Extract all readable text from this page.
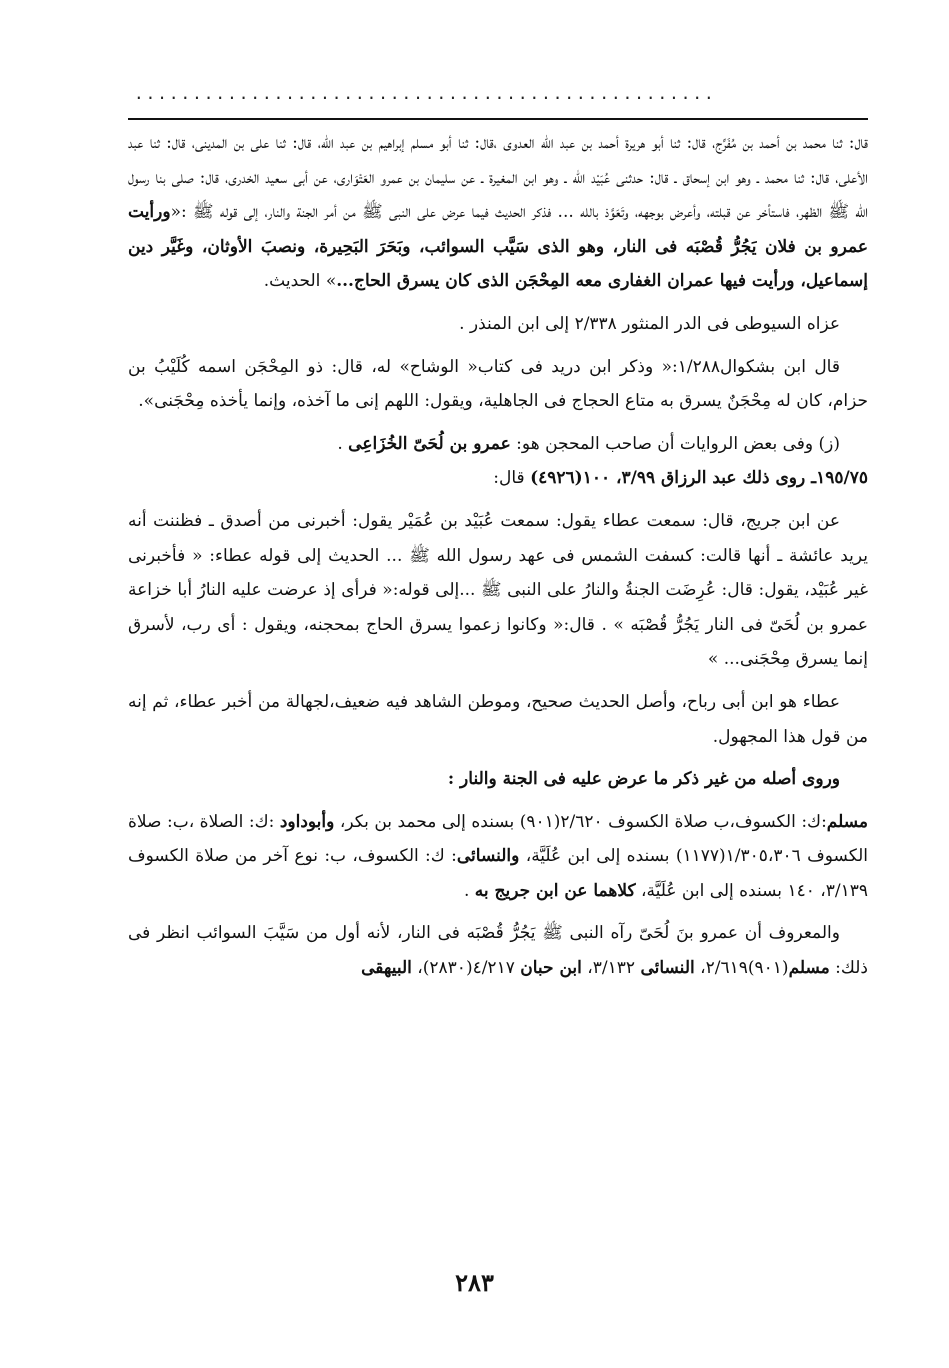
..................................................

قال: ثنا محمد بن أحمد بن مُفَرِّج، قال: ثنا أبو هريرة أحمد بن عبد الله العدوى ،قال: ثنا أبو مسلم إبراهيم بن عبد الله، قال: ثنا على بن المدينى، قال: ثنا عبد الأعلى، قال: ثنا محمد ـ وهو ابن إسحاق ـ قال: حدثنى عُبَيْد الله ـ وهو ابن المغيرة ـ عن سليمان بن عمرو العَتْوَارى، عن أبى سعيد الخدرى، قال: صلى بنا رسول الله ﷺ الظهر، فاستأخر عن قبلته، وأعرض بوجهه، وتَعَوَّذ بالله ... فذكر الحديث فيما عرض على النبى ﷺ من أمر الجنة والنار، إلى قوله ﷺ :«ورأيت عمرو بن فلان يَجُرُّ قُصْبَه فى النار، وهو الذى سَيَّب السوائب، وبَحَرَ البَحِيرة، ونصبَ الأوثان، وغَيَّر دين إسماعيل، ورأيت فيها عمران الغفارى معه المِحْجَن الذى كان يسرق الحاج...» الحديث.

عزاه السيوطى فى الدر المنثور ٢/٣٣٨ إلى ابن المنذر .

قال ابن بشكوال١/٢٨٨:« وذكر ابن دريد فى كتاب« الوشاح» له، قال: ذو المِحْجَن اسمه كُلَيْبُ بن حزام، كان له مِحْجَنٌ يسرق به متاع الحجاج فى الجاهلية، ويقول: اللهم إنى ما آخذه، وإنما يأخذه مِحْجَنى».

(ز) وفى بعض الروايات أن صاحب المحجن هو: عمرو بن لُحَىّ الخُزَاعِى .

١٩٥/٧٥ـ روى ذلك عبد الرزاق ٣/٩٩، ١٠٠(٤٩٢٦) قال:

عن ابن جريج، قال: سمعت عطاء يقول: سمعت عُبَيْد بن عُمَيْر يقول: أخبرنى من أصدق ـ فظننت أنه يريد عائشة ـ أنها قالت: كسفت الشمس فى عهد رسول الله ﷺ ... الحديث إلى قوله عطاء: « فأخبرنى غير عُبَيْد، يقول: قال: عُرِضَت الجنةُ والنارُ على النبى ﷺ ...إلى قوله:« فرأى إذ عرضت عليه النارُ أبا خزاعة عمرو بن لُحَىّ فى النار يَجُرُّ قُصْبَه » . قال:« وكانوا زعموا يسرق الحاج بمحجنه، ويقول : أى رب، لأسرق إنما يسرق مِحْجَنى... »

عطاء هو ابن أبى رباح، وأصل الحديث صحيح، وموطن الشاهد فيه ضعيف،لجهالة من أخبر عطاء، ثم إنه من قول هذا المجهول.

وروى أصله من غير ذكر ما عرض عليه فى الجنة والنار :

مسلم:ك: الكسوف،ب صلاة الكسوف ٢/٦٢٠(٩٠١) بسنده إلى محمد بن بكر، وأبوداود :ك: الصلاة ،ب: صلاة الكسوف ١/٣٠٥،٣٠٦(١١٧٧) بسنده إلى ابن عُلَيَّة، والنسائى: ك: الكسوف، ب: نوع آخر من صلاة الكسوف ٣/١٣٩، ١٤٠ بسنده إلى ابن عُلَيَّة، كلاهما عن ابن جريج به .

والمعروف أن عمرو بنَ لُحَىّ رآه النبى ﷺ يَجُرُّ قُصْبَه فى النار، لأنه أول من سَيَّبَ السوائب انظر فى ذلك: مسلم(٩٠١)٢/٦١٩، النسائى ٣/١٣٢، ابن حبان ٤/٢١٧(٢٨٣٠)، البيهقى

٢٨٣
